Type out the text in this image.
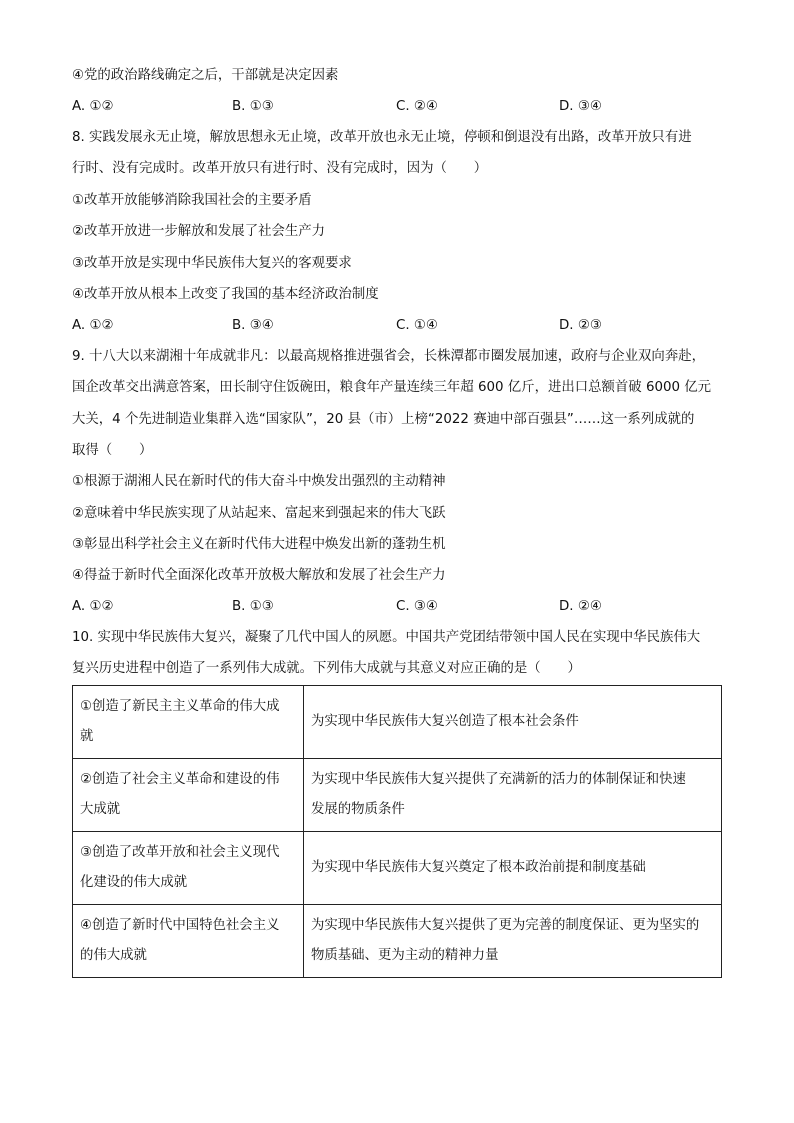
④党的政治路线确定之后，干部就是决定因素
A. ①②	B. ①③	C. ②④	D. ③④
8. 实践发展永无止境，解放思想永无止境，改革开放也永无止境，停顿和倒退没有出路，改革开放只有进
行时、没有完成时。改革开放只有进行时、没有完成时，因为（　　）
①改革开放能够消除我国社会的主要矛盾
②改革开放进一步解放和发展了社会生产力
③改革开放是实现中华民族伟大复兴的客观要求
④改革开放从根本上改变了我国的基本经济政治制度
A. ①②	B. ③④	C. ①④	D. ②③
9. 十八大以来湖湘十年成就非凡：以最高规格推进强省会，长株潭都市圈发展加速，政府与企业双向奔赴，
国企改革交出满意答案，田长制守住饭碗田，粮食年产量连续三年超 600 亿斤，进出口总额首破 6000 亿元
大关，4 个先进制造业集群入选“国家队”，20 县（市）上榜“2022 赛迪中部百强县”……这一系列成就的
取得（　　）
①根源于湖湘人民在新时代的伟大奋斗中焕发出强烈的主动精神
②意味着中华民族实现了从站起来、富起来到强起来的伟大飞跃
③彰显出科学社会主义在新时代伟大进程中焕发出新的蓬勃生机
④得益于新时代全面深化改革开放极大解放和发展了社会生产力
A. ①②	B. ①③	C. ③④	D. ②④
10. 实现中华民族伟大复兴，凝聚了几代中国人的夙愿。中国共产党团结带领中国人民在实现中华民族伟大
复兴历史进程中创造了一系列伟大成就。下列伟大成就与其意义对应正确的是（　　）
①创造了新民主主义革命的伟大成
就	为实现中华民族伟大复兴创造了根本社会条件
②创造了社会主义革命和建设的伟
大成就	为实现中华民族伟大复兴提供了充满新的活力的体制保证和快速
发展的物质条件
③创造了改革开放和社会主义现代
化建设的伟大成就	为实现中华民族伟大复兴奠定了根本政治前提和制度基础
④创造了新时代中国特色社会主义
的伟大成就	为实现中华民族伟大复兴提供了更为完善的制度保证、更为坚实的
物质基础、更为主动的精神力量
